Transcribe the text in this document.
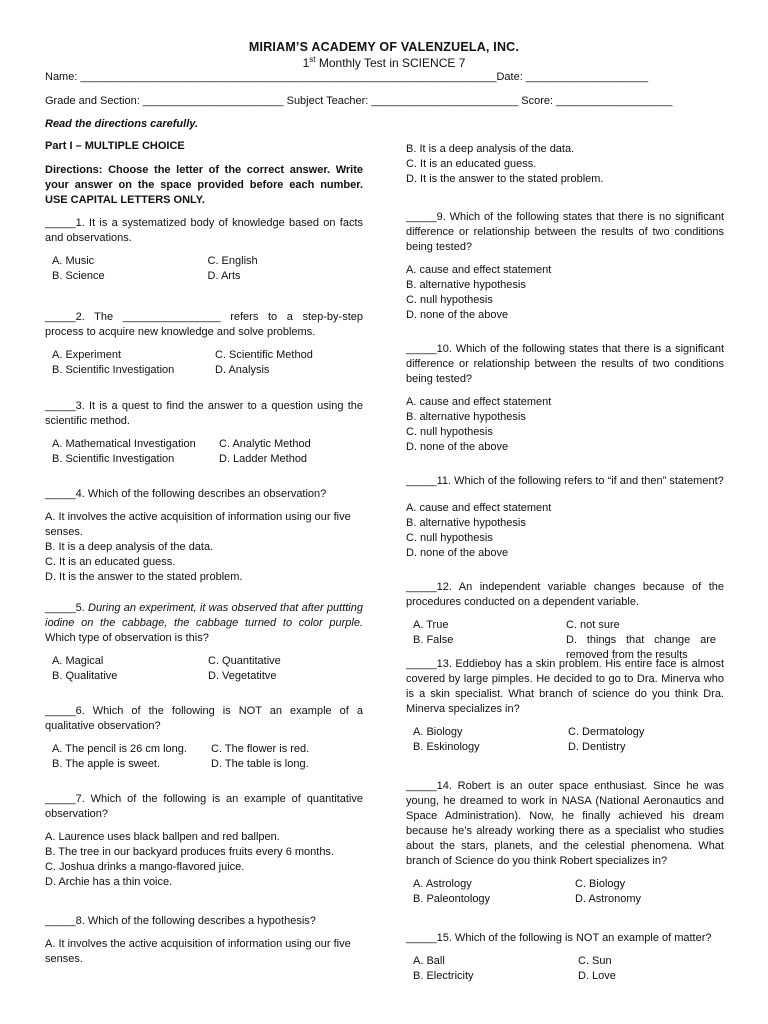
MIRIAM’S ACADEMY OF VALENZUELA, INC.
1st Monthly Test in SCIENCE 7
Name: ____________________________________________________________________Date: ____________________
Grade and Section: _______________________ Subject Teacher: ________________________ Score: ___________________
Read the directions carefully.
Part I – MULTIPLE CHOICE
Directions: Choose the letter of the correct answer. Write your answer on the space provided before each number. USE CAPITAL LETTERS ONLY.
_____1. It is a systematized body of knowledge based on facts and observations.
A. Music	C. English
B. Science	D. Arts
_____2. The ________________ refers to a step-by-step process to acquire new knowledge and solve problems.
A. Experiment	C. Scientific Method
B. Scientific Investigation	D. Analysis
_____3. It is a quest to find the answer to a question using the scientific method.
A. Mathematical Investigation	C. Analytic Method
B. Scientific Investigation	D. Ladder Method
_____4. Which of the following describes an observation?
A. It involves the active acquisition of information using our five senses.
B. It is a deep analysis of the data.
C. It is an educated guess.
D. It is the answer to the stated problem.
_____5. During an experiment, it was observed that after puttting iodine on the cabbage, the cabbage turned to color purple. Which type of observation is this?
A. Magical	C. Quantitative
B. Qualitative	D. Vegetatitve
_____6. Which of the following is NOT an example of a qualitative observation?
A. The pencil is 26 cm long.	C. The flower is red.
B. The apple is sweet.	D. The table is long.
_____7. Which of the following is an example of quantitative observation?
A. Laurence uses black ballpen and red ballpen.
B. The tree in our backyard produces fruits every 6 months.
C. Joshua drinks a mango-flavored juice.
D. Archie has a thin voice.
_____8. Which of the following describes a hypothesis?
A. It involves the active acquisition of information using our five senses.
B. It is a deep analysis of the data.
C. It is an educated guess.
D. It is the answer to the stated problem.
_____9. Which of the following states that there is no significant difference or relationship between the results of two conditions being tested?
A. cause and effect statement
B. alternative hypothesis
C. null hypothesis
D. none of the above
_____10. Which of the following states that there is a significant difference or relationship between the results of two conditions being tested?
A. cause and effect statement
B. alternative hypothesis
C. null hypothesis
D. none of the above
_____11. Which of the following refers to “if and then” statement?
A. cause and effect statement
B. alternative hypothesis
C. null hypothesis
D. none of the above
_____12. An independent variable changes because of the procedures conducted on a dependent variable.
A. True	C. not sure
B. False	D. things that change are removed from the results
_____13. Eddieboy has a skin problem. His entire face is almost covered by large pimples. He decided to go to Dra. Minerva who is a skin specialist. What branch of science do you think Dra. Minerva specializes in?
A. Biology	C. Dermatology
B. Eskinology	D. Dentistry
_____14. Robert is an outer space enthusiast. Since he was young, he dreamed to work in NASA (National Aeronautics and Space Administration). Now, he finally achieved his dream because he’s already working there as a specialist who studies about the stars, planets, and the celestial phenomena. What branch of Science do you think Robert specializes in?
A. Astrology	C. Biology
B. Paleontology	D. Astronomy
_____15. Which of the following is NOT an example of matter?
A. Ball	C. Sun
B. Electricity	D. Love
